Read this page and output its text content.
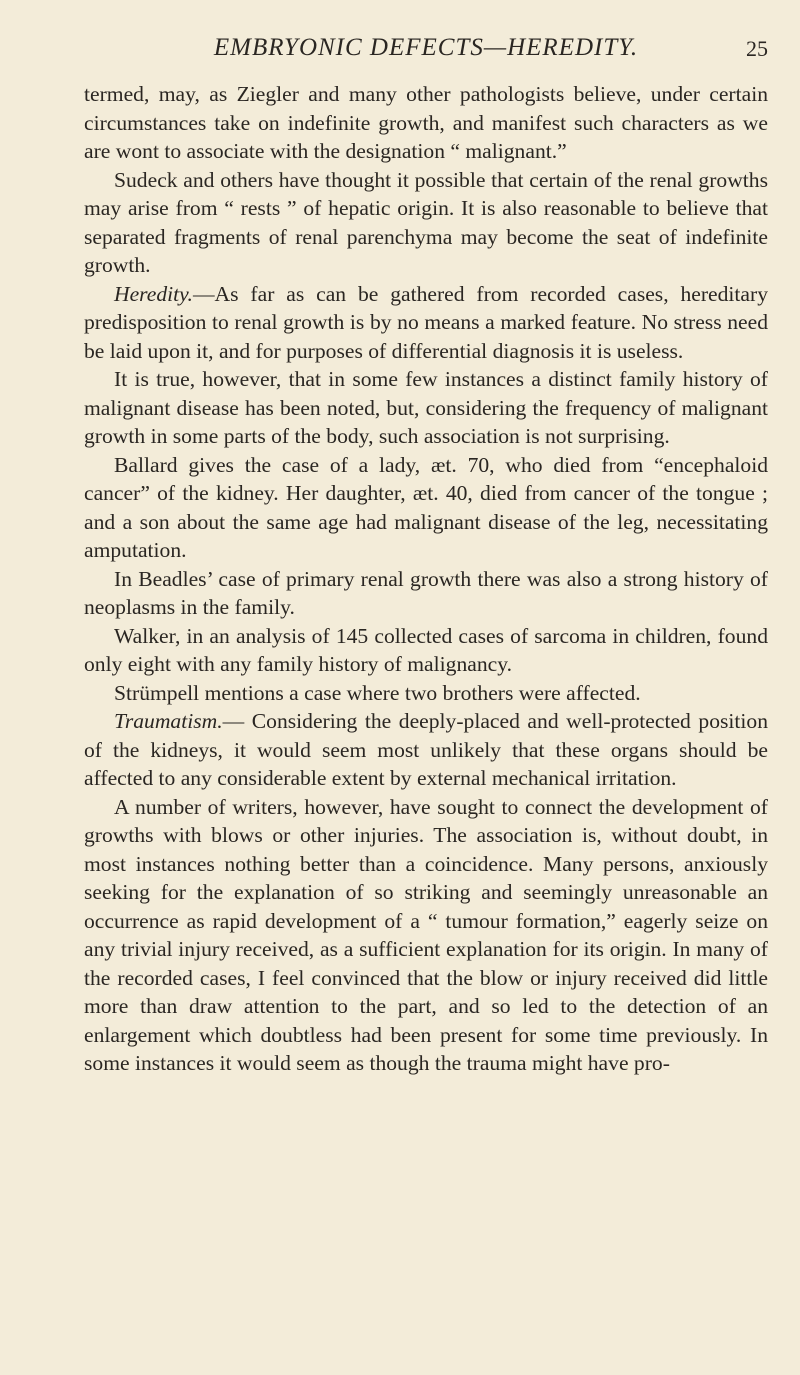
EMBRYONIC DEFECTS—HEREDITY.	25

termed, may, as Ziegler and many other pathologists believe, under certain circumstances take on indefinite growth, and manifest such characters as we are wont to associate with the designation “ malignant.”

Sudeck and others have thought it possible that certain of the renal growths may arise from “ rests ” of hepatic origin. It is also reasonable to believe that separated fragments of renal parenchyma may become the seat of indefinite growth.

Heredity.—As far as can be gathered from recorded cases, hereditary predisposition to renal growth is by no means a marked feature. No stress need be laid upon it, and for purposes of differential diagnosis it is useless.

It is true, however, that in some few instances a distinct family history of malignant disease has been noted, but, considering the frequency of malignant growth in some parts of the body, such association is not surprising.

Ballard gives the case of a lady, æt. 70, who died from “encephaloid cancer” of the kidney. Her daughter, æt. 40, died from cancer of the tongue ; and a son about the same age had malignant disease of the leg, necessitating amputation.

In Beadles’ case of primary renal growth there was also a strong history of neoplasms in the family.

Walker, in an analysis of 145 collected cases of sarcoma in children, found only eight with any family history of malignancy.

Strümpell mentions a case where two brothers were affected.

Traumatism.— Considering the deeply-placed and well-protected position of the kidneys, it would seem most unlikely that these organs should be affected to any considerable extent by external mechanical irritation.

A number of writers, however, have sought to connect the development of growths with blows or other injuries. The association is, without doubt, in most instances nothing better than a coincidence. Many persons, anxiously seeking for the explanation of so striking and seemingly unreasonable an occurrence as rapid development of a “ tumour formation,” eagerly seize on any trivial injury received, as a sufficient explanation for its origin. In many of the recorded cases, I feel convinced that the blow or injury received did little more than draw attention to the part, and so led to the detection of an enlargement which doubtless had been present for some time previously. In some instances it would seem as though the trauma might have pro-
